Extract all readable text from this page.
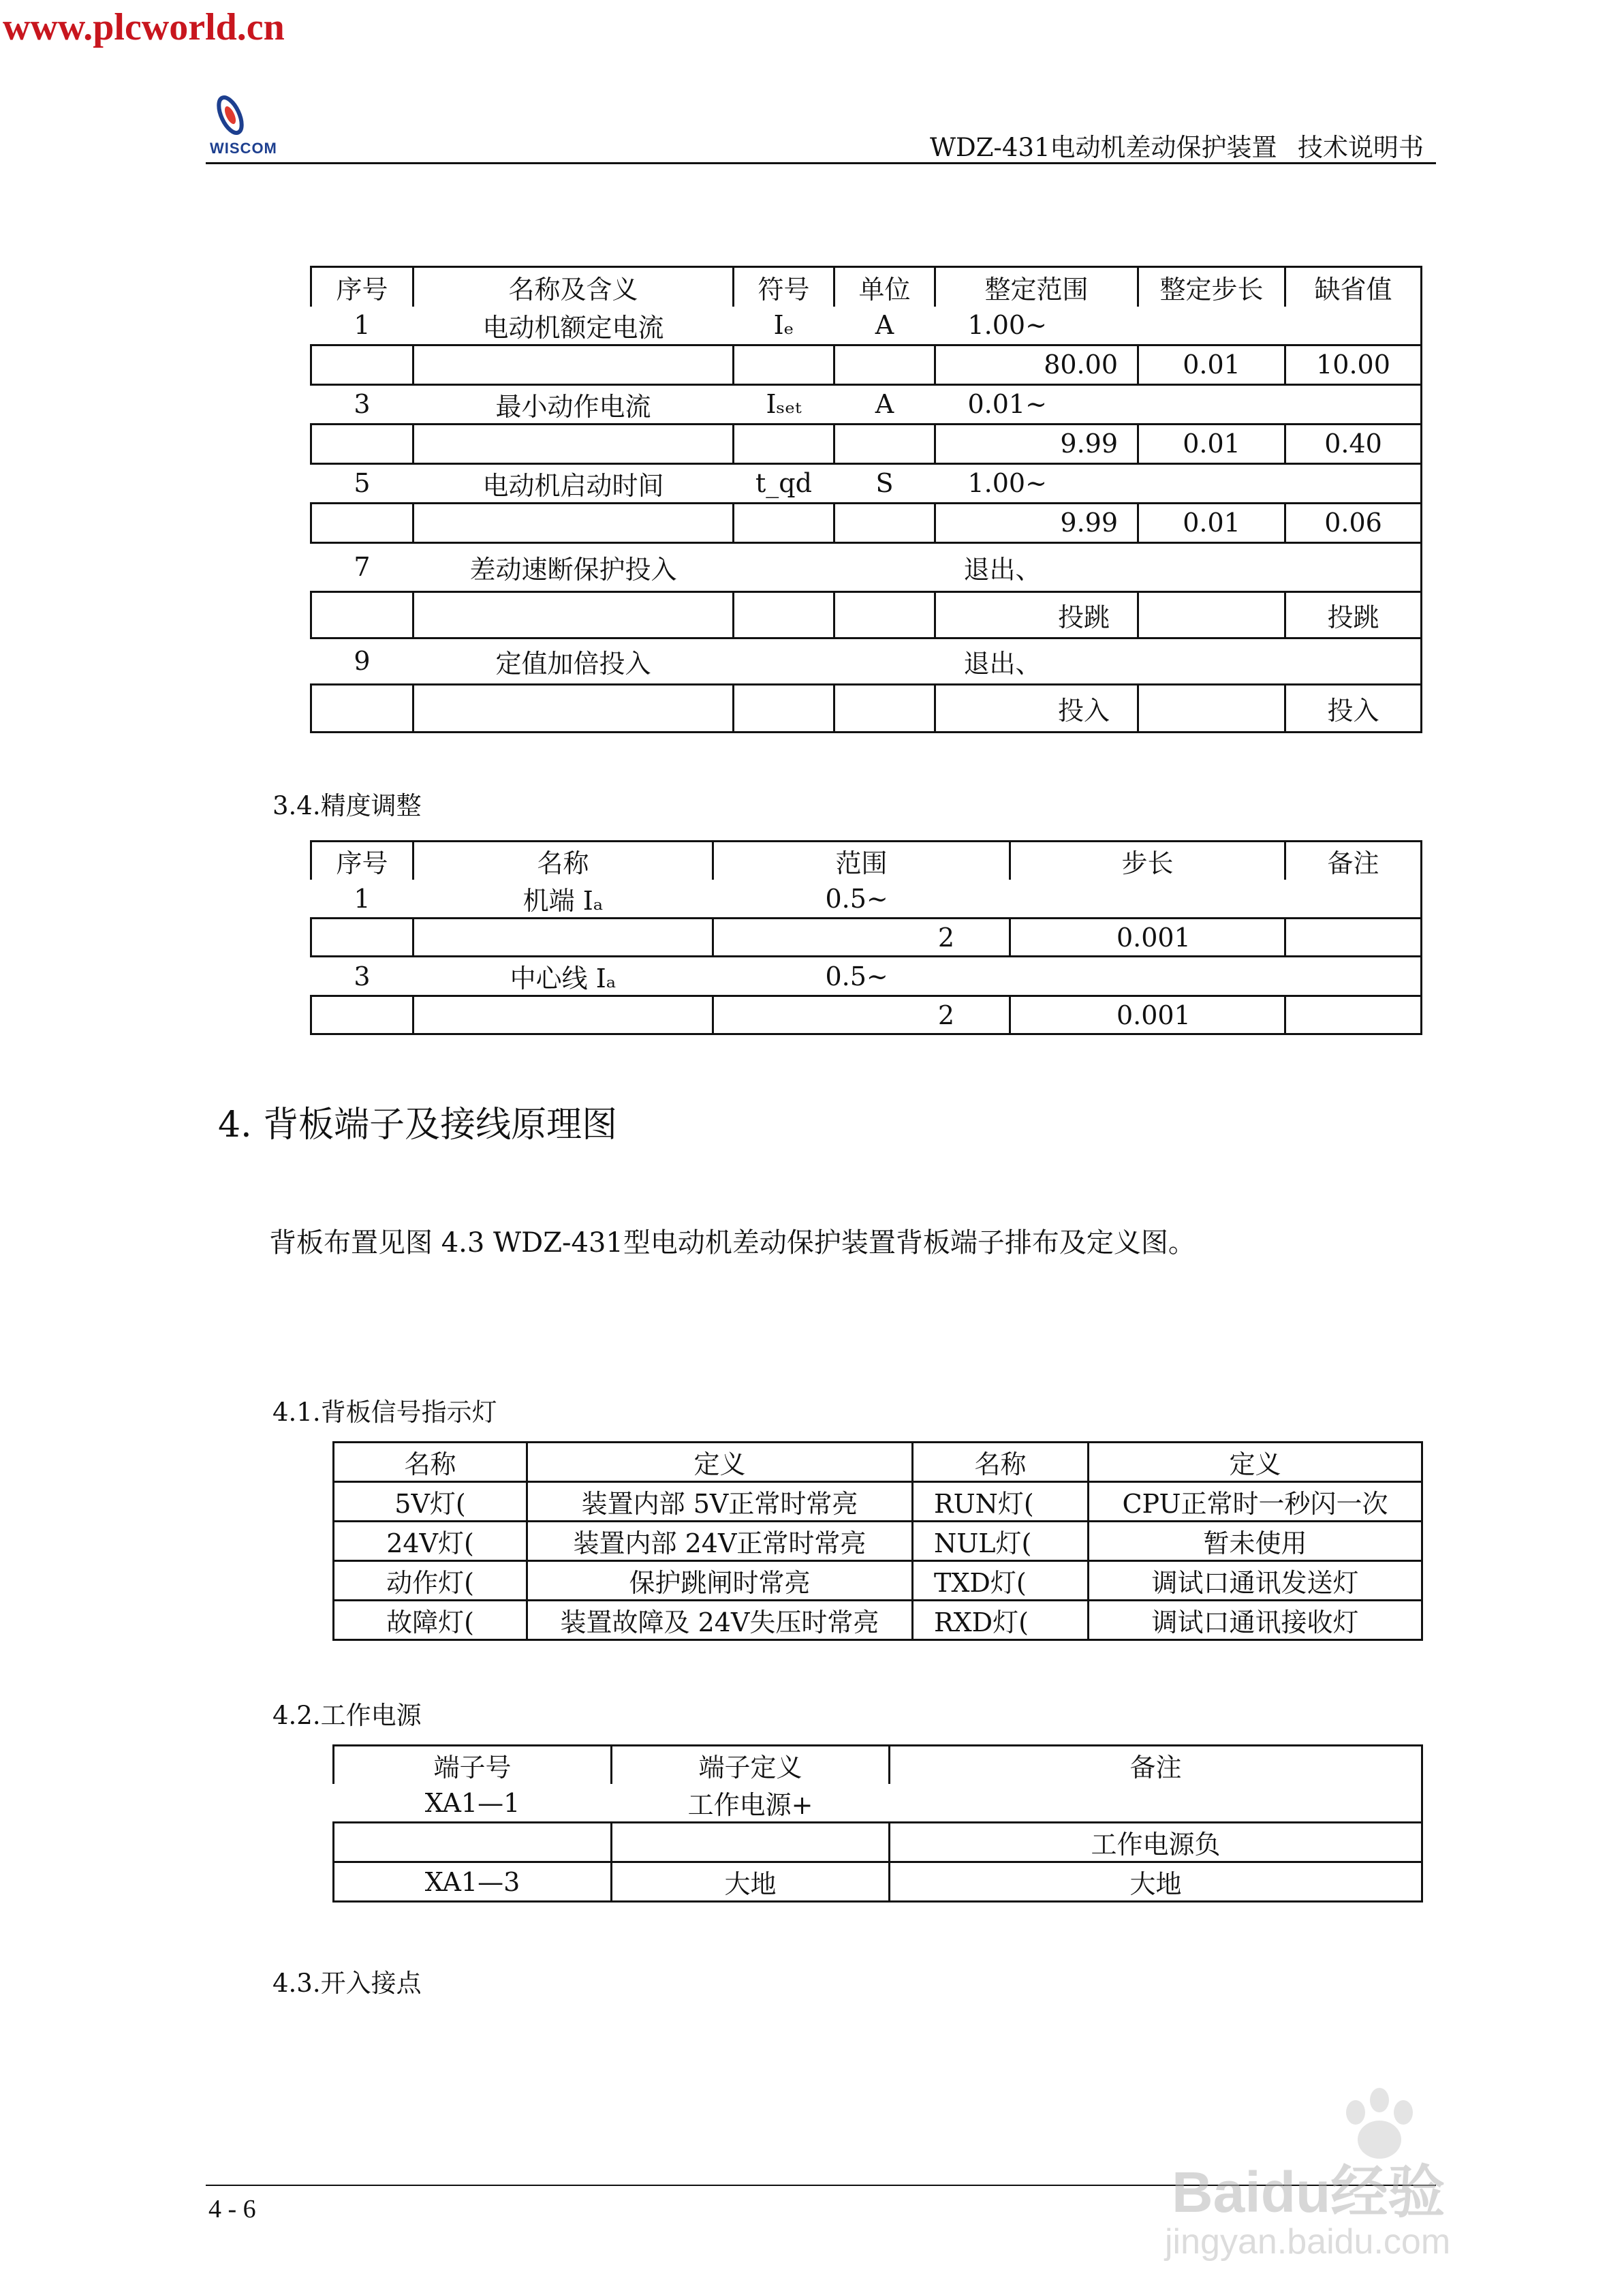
www.plcworld.cn
WISCOM	WDZ-431电动机差动保护装置 技术说明书
序号	名称及含义	符号	单位	整定范围	整定步长	缺省值
1	电动机额定电流	Iₑ	A	1.00~		
				80.00	0.01	10.00
3	最小动作电流	Iₛₑₜ	A	0.01~		
				9.99	0.01	0.40
5	电动机启动时间	t_qd	S	1.00~		
				9.99	0.01	0.06
7	差动速断保护投入			退出、		
				投跳		投跳
9	定值加倍投入			退出、		
				投入		投入
3.4.精度调整
序号	名称	范围	步长	备注
1	机端 Iₐ	0.5~		
		2	0.001	
3	中心线 Iₐ	0.5~		
		2	0.001	
4. 背板端子及接线原理图
背板布置见图 4.3 WDZ-431型电动机差动保护装置背板端子排布及定义图。
4.1.背板信号指示灯
名称	定义	名称	定义
5V灯(	装置内部 5V正常时常亮	RUN灯(	CPU正常时一秒闪一次
24V灯(	装置内部 24V正常时常亮	NUL灯(	暂未使用
动作灯(	保护跳闸时常亮	TXD灯(	调试口通讯发送灯
故障灯(	装置故障及 24V失压时常亮	RXD灯(	调试口通讯接收灯
4.2.工作电源
端子号	端子定义	备注
XA1—1	工作电源+	
		工作电源负
XA1—3	大地	大地
4.3.开入接点
4 - 6	Baidu经验
jingyan.baidu.com
